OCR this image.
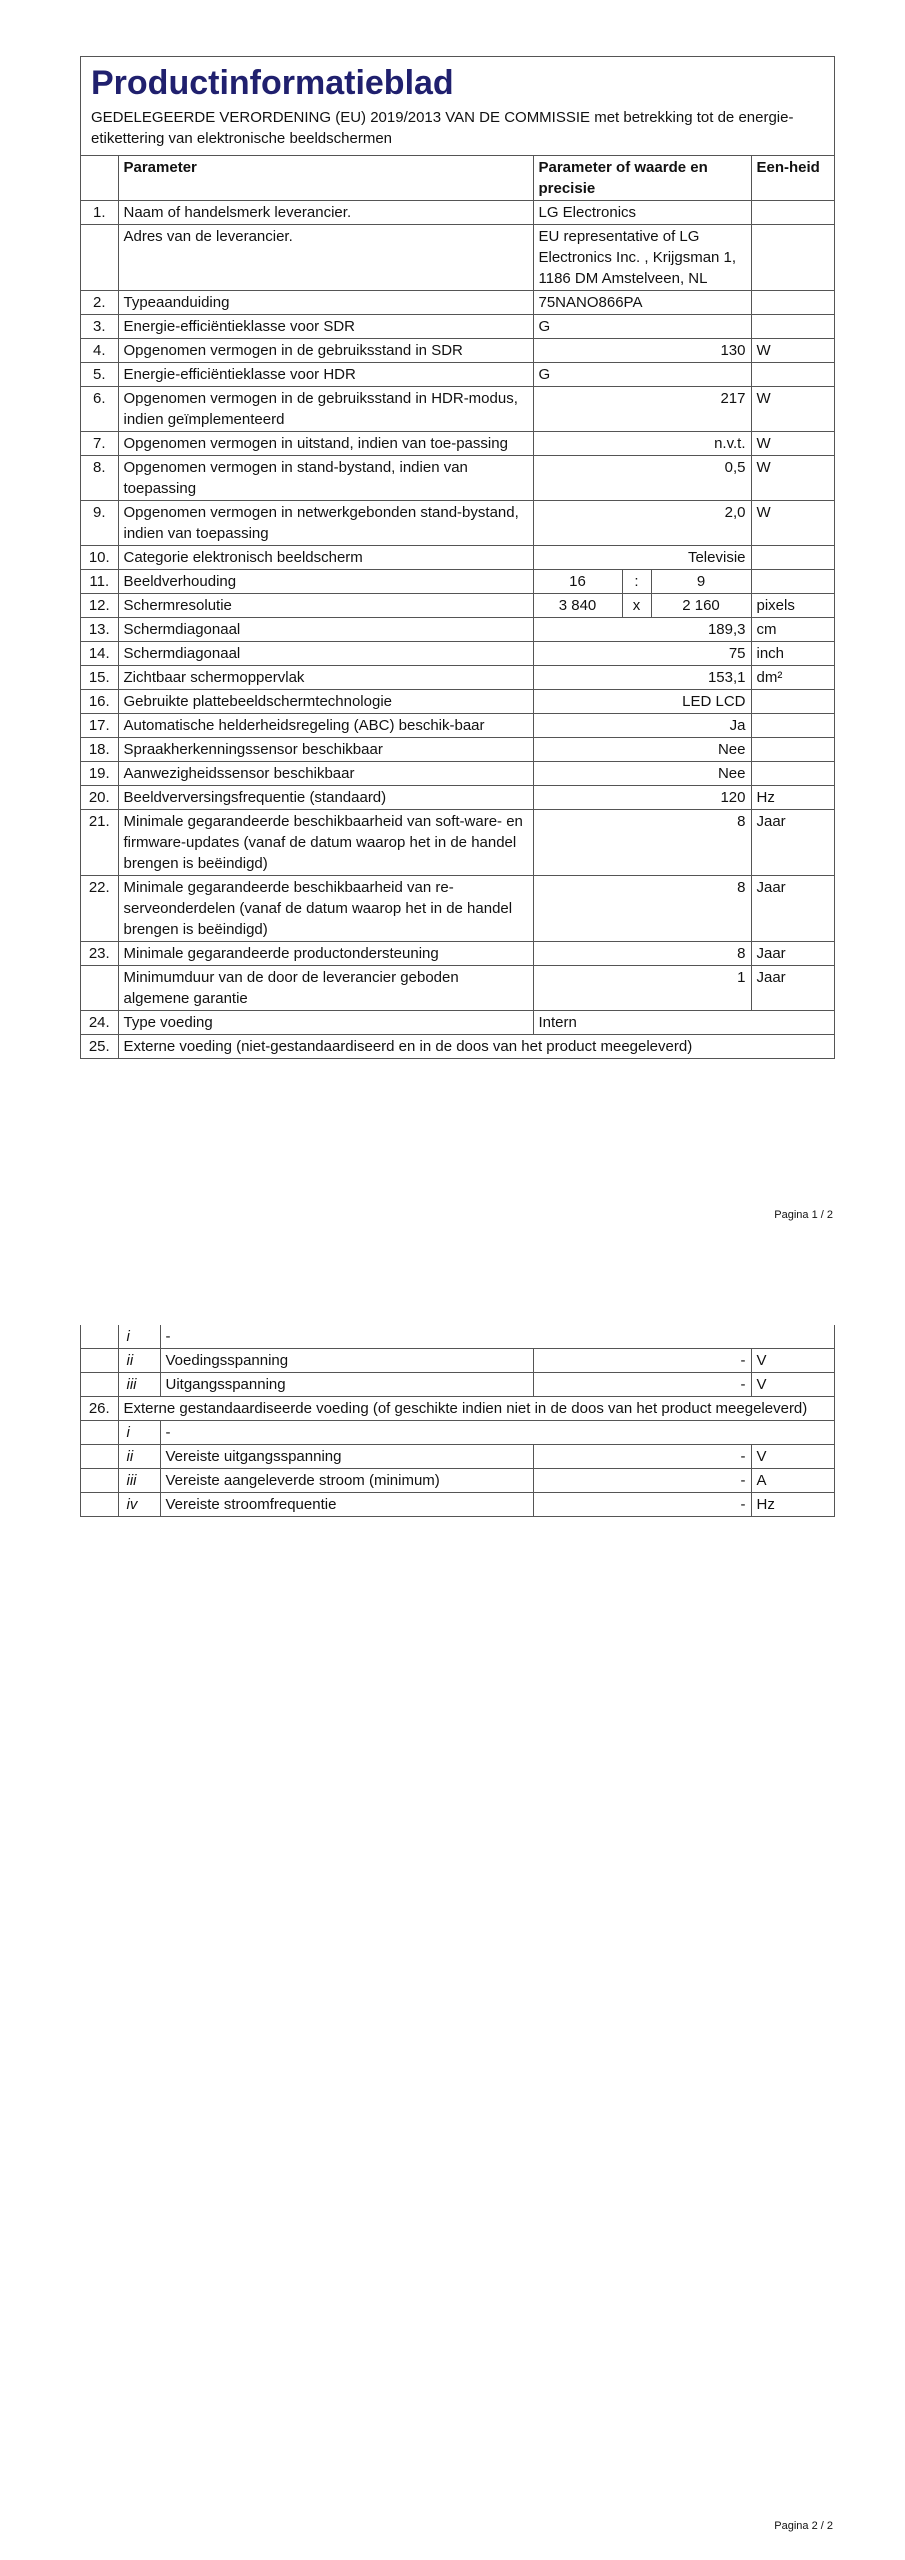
Productinformatieblad
GEDELEGEERDE VERORDENING (EU) 2019/2013 VAN DE COMMISSIE met betrekking tot de energie-etikettering van elektronische beeldschermen
	Parameter	Parameter of waarde en precisie			Een-heid
1.	Naam of handelsmerk leverancier.	LG Electronics			
	Adres van de leverancier.	EU representative of LG Electronics Inc. , Krijgsman 1, 1186 DM Amstelveen, NL			
2.	Typeaanduiding	75NANO866PA			
3.	Energie-efficiëntieklasse voor SDR	G			
4.	Opgenomen vermogen in de gebruiksstand in SDR	130			W
5.	Energie-efficiëntieklasse voor HDR	G			
6.	Opgenomen vermogen in de gebruiksstand in HDR-modus, indien geïmplementeerd	217			W
7.	Opgenomen vermogen in uitstand, indien van toe-passing	n.v.t.			W
8.	Opgenomen vermogen in stand-bystand, indien van toepassing	0,5			W
9.	Opgenomen vermogen in netwerkgebonden stand-bystand, indien van toepassing	2,0			W
10.	Categorie elektronisch beeldscherm	Televisie			
11.	Beeldverhouding	16	:	9	
12.	Schermresolutie	3 840	x	2 160	pixels
13.	Schermdiagonaal	189,3			cm
14.	Schermdiagonaal	75			inch
15.	Zichtbaar schermoppervlak	153,1			dm²
16.	Gebruikte plattebeeldschermtechnologie	LED LCD			
17.	Automatische helderheidsregeling (ABC) beschik-baar	Ja			
18.	Spraakherkenningssensor beschikbaar	Nee			
19.	Aanwezigheidssensor beschikbaar	Nee			
20.	Beeldverversingsfrequentie (standaard)	120			Hz
21.	Minimale gegarandeerde beschikbaarheid van soft-ware- en firmware-updates (vanaf de datum waarop het in de handel brengen is beëindigd)	8			Jaar
22.	Minimale gegarandeerde beschikbaarheid van re-serveonderdelen (vanaf de datum waarop het in de handel brengen is beëindigd)	8			Jaar
23.	Minimale gegarandeerde productondersteuning	8			Jaar
	Minimumduur van de door de leverancier geboden algemene garantie	1			Jaar
24.	Type voeding	Intern			
25.	Externe voeding (niet-gestandaardiseerd en in de doos van het product meegeleverd)				
Pagina 1 / 2
	i	-		
	ii	Voedingsspanning	-	V
	iii	Uitgangsspanning	-	V
26.	Externe gestandaardiseerde voeding (of geschikte indien niet in de doos van het product meegeleverd)			
	i	-		
	ii	Vereiste uitgangsspanning	-	V
	iii	Vereiste aangeleverde stroom (minimum)	-	A
	iv	Vereiste stroomfrequentie	-	Hz
Pagina 2 / 2
